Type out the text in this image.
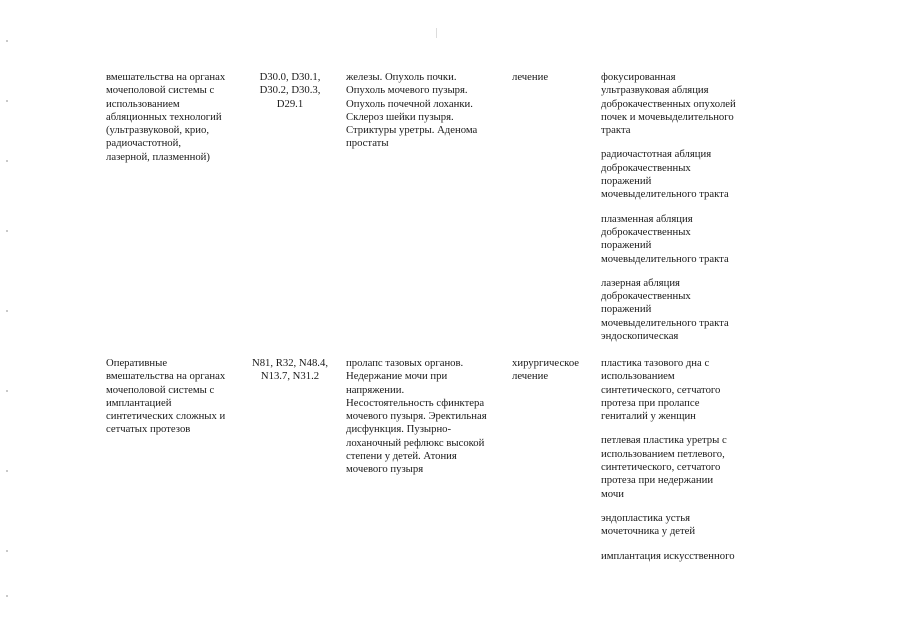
вмешательства на органах
мочеполовой системы с
использованием
абляционных технологий
(ультразвуковой, крио,
радиочастотной,
лазерной, плазменной)
D30.0, D30.1,
D30.2, D30.3,
D29.1
железы. Опухоль почки.
Опухоль мочевого пузыря.
Опухоль почечной лоханки.
Склероз шейки пузыря.
Стриктуры уретры. Аденома
простаты
лечение	фокусированная
ультразвуковая абляция
доброкачественных опухолей
почек и мочевыделительного
тракта
радиочастотная абляция
доброкачественных
поражений
мочевыделительного тракта
плазменная абляция
доброкачественных
поражений
мочевыделительного тракта
лазерная абляция
доброкачественных
поражений
мочевыделительного тракта
эндоскопическая
Оперативные
вмешательства на органах
мочеполовой системы с
имплантацией
синтетических сложных и
сетчатых протезов
N81, R32, N48.4,
N13.7, N31.2
пролапс тазовых органов.
Недержание мочи при
напряжении.
Несостоятельность сфинктера
мочевого пузыря. Эректильная
дисфункция. Пузырно-
лоханочный рефлюкс высокой
степени у детей. Атония
мочевого пузыря
хирургическое
лечение
пластика тазового дна с
использованием
синтетического, сетчатого
протеза при пролапсе
гениталий у женщин
петлевая пластика уретры с
использованием петлевого,
синтетического, сетчатого
протеза при недержании
мочи
эндопластика устья
мочеточника у детей
имплантация искусственного
